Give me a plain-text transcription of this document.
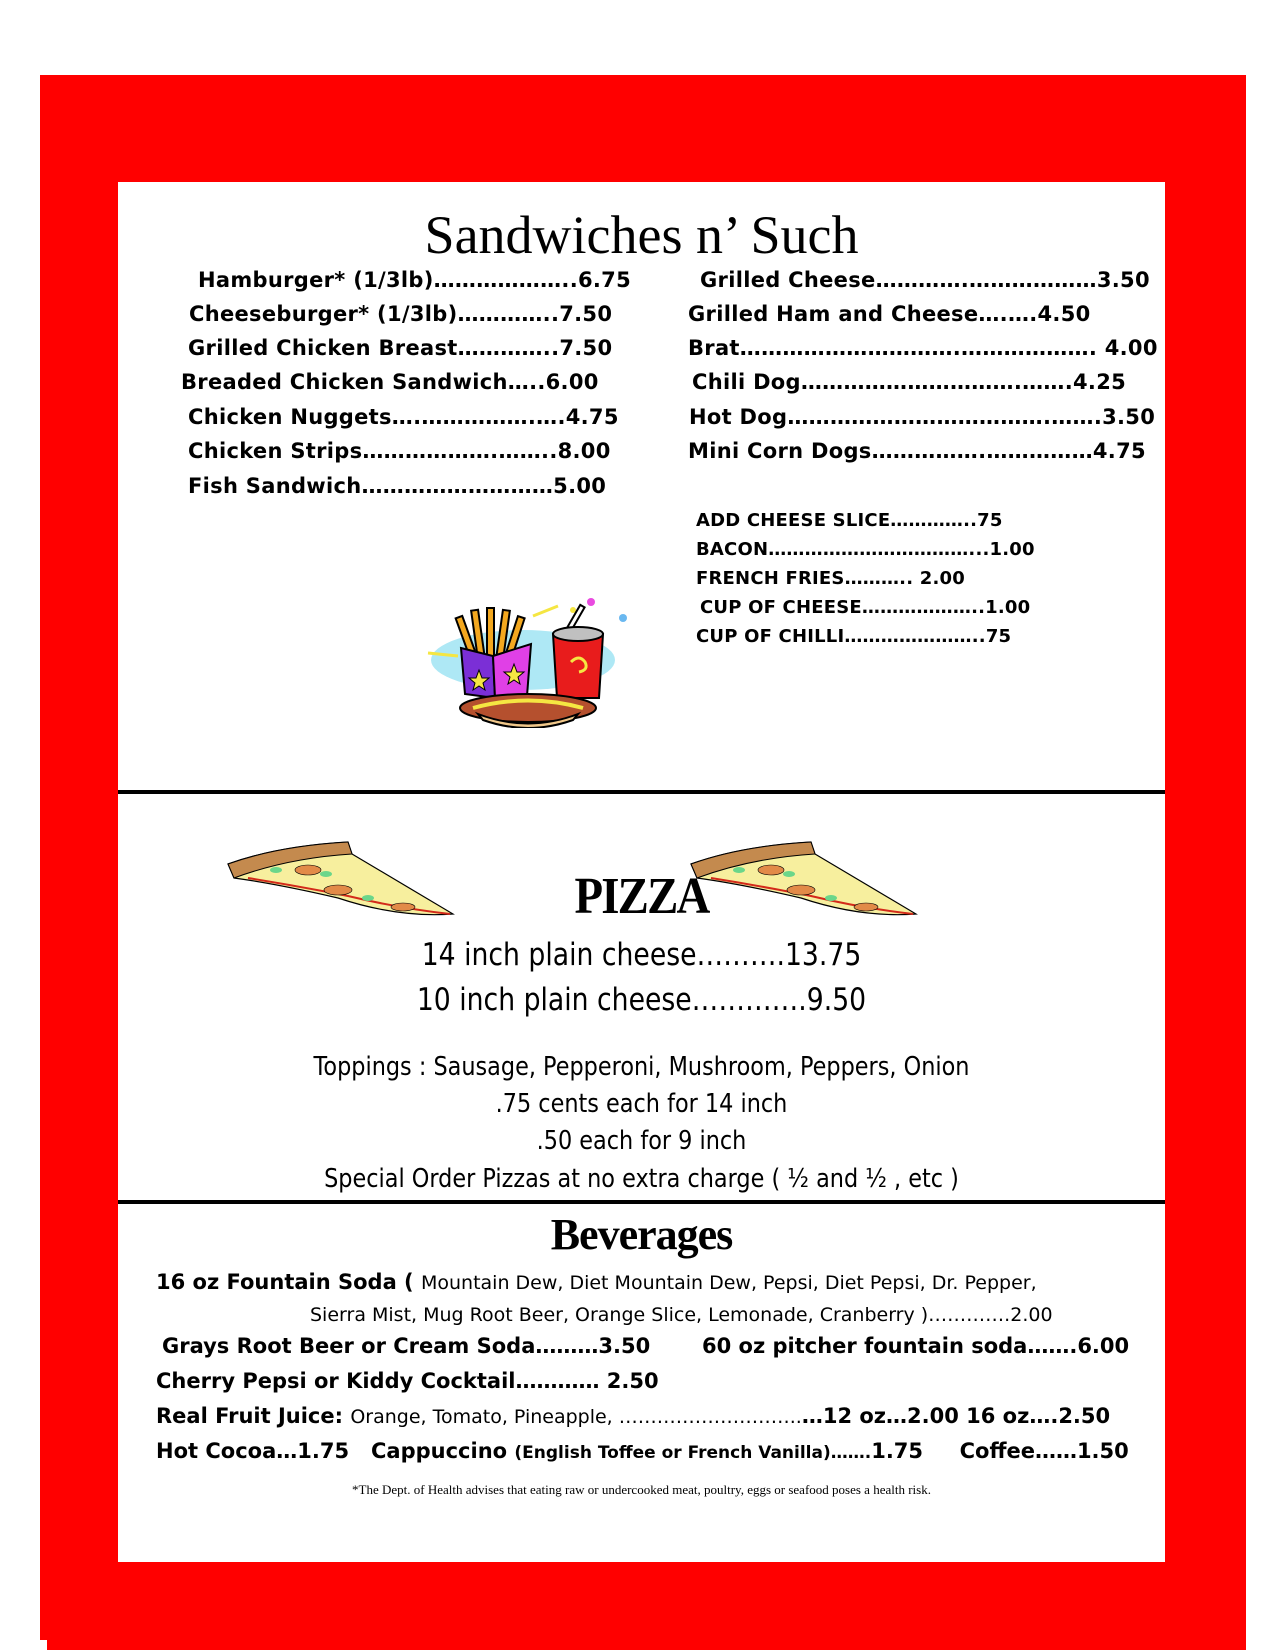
Sandwiches n’ Such
Hamburger* (1/3lb)………………..6.75
Cheeseburger* (1/3lb)…………..7.50
Grilled Chicken Breast…………..7.50
Breaded Chicken Sandwich…..6.00
Chicken Nuggets….…………….….4.75
Chicken Strips……………….……..8.00
Fish Sandwich………………………5.00
Grilled Cheese………….………………3.50
Grilled Ham and Cheese….….4.50
Brat………………………….………………. 4.00
Chili Dog………………………….…….4.25
Hot Dog……………………………….…….3.50
Mini Corn Dogs…………….……………4.75
ADD CHEESE SLICE…………..75
BACON……………………………...1.00
FRENCH FRIES……….. 2.00
CUP OF CHEESE………………..1.00
CUP OF CHILLI…………………..75
PIZZA
14 inch plain cheese……….13.75
10 inch plain cheese………….9.50
Toppings : Sausage, Pepperoni, Mushroom, Peppers, Onion
.75 cents each for 14 inch
.50 each for 9 inch
Special Order Pizzas at no extra charge ( ½ and ½ , etc )
Beverages
16 oz Fountain Soda ( Mountain Dew, Diet Mountain Dew, Pepsi, Diet Pepsi, Dr. Pepper,
Sierra Mist, Mug Root Beer, Orange Slice, Lemonade, Cranberry )………….2.00
Grays Root Beer or Cream Soda………3.50 60 oz pitcher fountain soda…….6.00
Cherry Pepsi or Kiddy Cocktail………… 2.50
Real Fruit Juice: Orange, Tomato, Pineapple, ………………………..…12 oz…2.00 16 oz….2.50
Hot Cocoa…1.75 Cappuccino (English Toffee or French Vanilla)…….1.75 Coffee……1.50
*The Dept. of Health advises that eating raw or undercooked meat, poultry, eggs or seafood poses a health risk.
